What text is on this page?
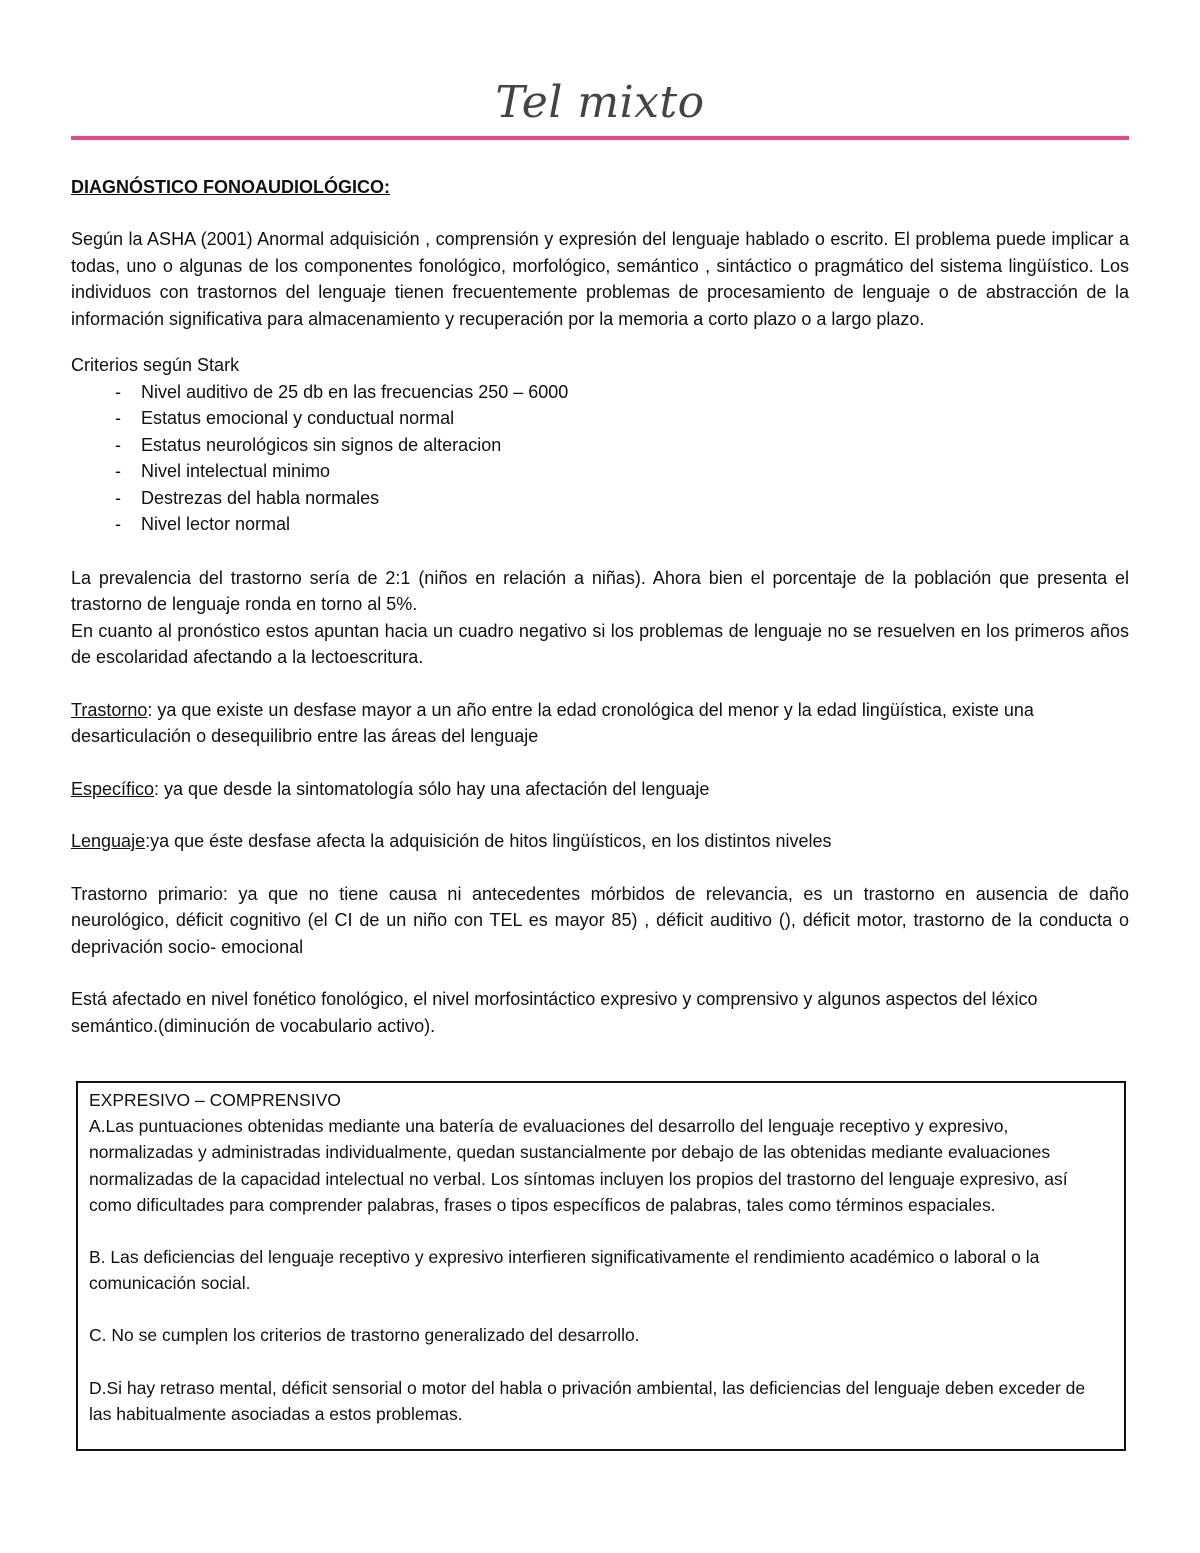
Tel mixto
DIAGNÓSTICO FONOAUDIOLÓGICO:

Según la ASHA (2001) Anormal adquisición , comprensión y expresión del lenguaje hablado o escrito. El problema puede implicar a todas, uno o algunas de los componentes fonológico, morfológico, semántico , sintáctico o pragmático del sistema lingüístico. Los individuos con trastornos del lenguaje tienen frecuentemente problemas de procesamiento de lenguaje o de abstracción de la información significativa para almacenamiento y recuperación por la memoria a corto plazo o a largo plazo.

Criterios según Stark

- Nivel auditivo de 25 db en las frecuencias 250 – 6000
- Estatus emocional y conductual normal
- Estatus neurológicos sin signos de alteracion
- Nivel intelectual minimo
- Destrezas del habla normales
- Nivel lector normal

La prevalencia del trastorno sería de 2:1 (niños en relación a niñas). Ahora bien el porcentaje de la población que presenta el trastorno de lenguaje ronda en torno al 5%.

En cuanto al pronóstico estos apuntan hacia un cuadro negativo si los problemas de lenguaje no se resuelven en los primeros años de escolaridad afectando a la lectoescritura.

Trastorno: ya que existe un desfase mayor a un año entre la edad cronológica del menor y la edad lingüística, existe una desarticulación o desequilibrio entre las áreas del lenguaje

Específico: ya que desde la sintomatología sólo hay una afectación del lenguaje

Lenguaje:ya que éste desfase afecta la adquisición de hitos lingüísticos, en los distintos niveles

Trastorno primario: ya que no tiene causa ni antecedentes mórbidos de relevancia, es un trastorno en ausencia de daño neurológico, déficit cognitivo (el CI de un niño con TEL es mayor 85) , déficit auditivo (), déficit motor, trastorno de la conducta o deprivación socio- emocional

Está afectado en nivel fonético fonológico, el nivel morfosintáctico expresivo y comprensivo y algunos aspectos del léxico semántico.(diminución de vocabulario activo).

EXPRESIVO – COMPRENSIVO

A.Las puntuaciones obtenidas mediante una batería de evaluaciones del desarrollo del lenguaje receptivo y expresivo, normalizadas y administradas individualmente, quedan sustancialmente por debajo de las obtenidas mediante evaluaciones normalizadas de la capacidad intelectual no verbal. Los síntomas incluyen los propios del trastorno del lenguaje expresivo, así como dificultades para comprender palabras, frases o tipos específicos de palabras, tales como términos espaciales.

B. Las deficiencias del lenguaje receptivo y expresivo interfieren significativamente el rendimiento académico o laboral o la comunicación social.

C. No se cumplen los criterios de trastorno generalizado del desarrollo.

D.Si hay retraso mental, déficit sensorial o motor del habla o privación ambiental, las deficiencias del lenguaje deben exceder de las habitualmente asociadas a estos problemas.
